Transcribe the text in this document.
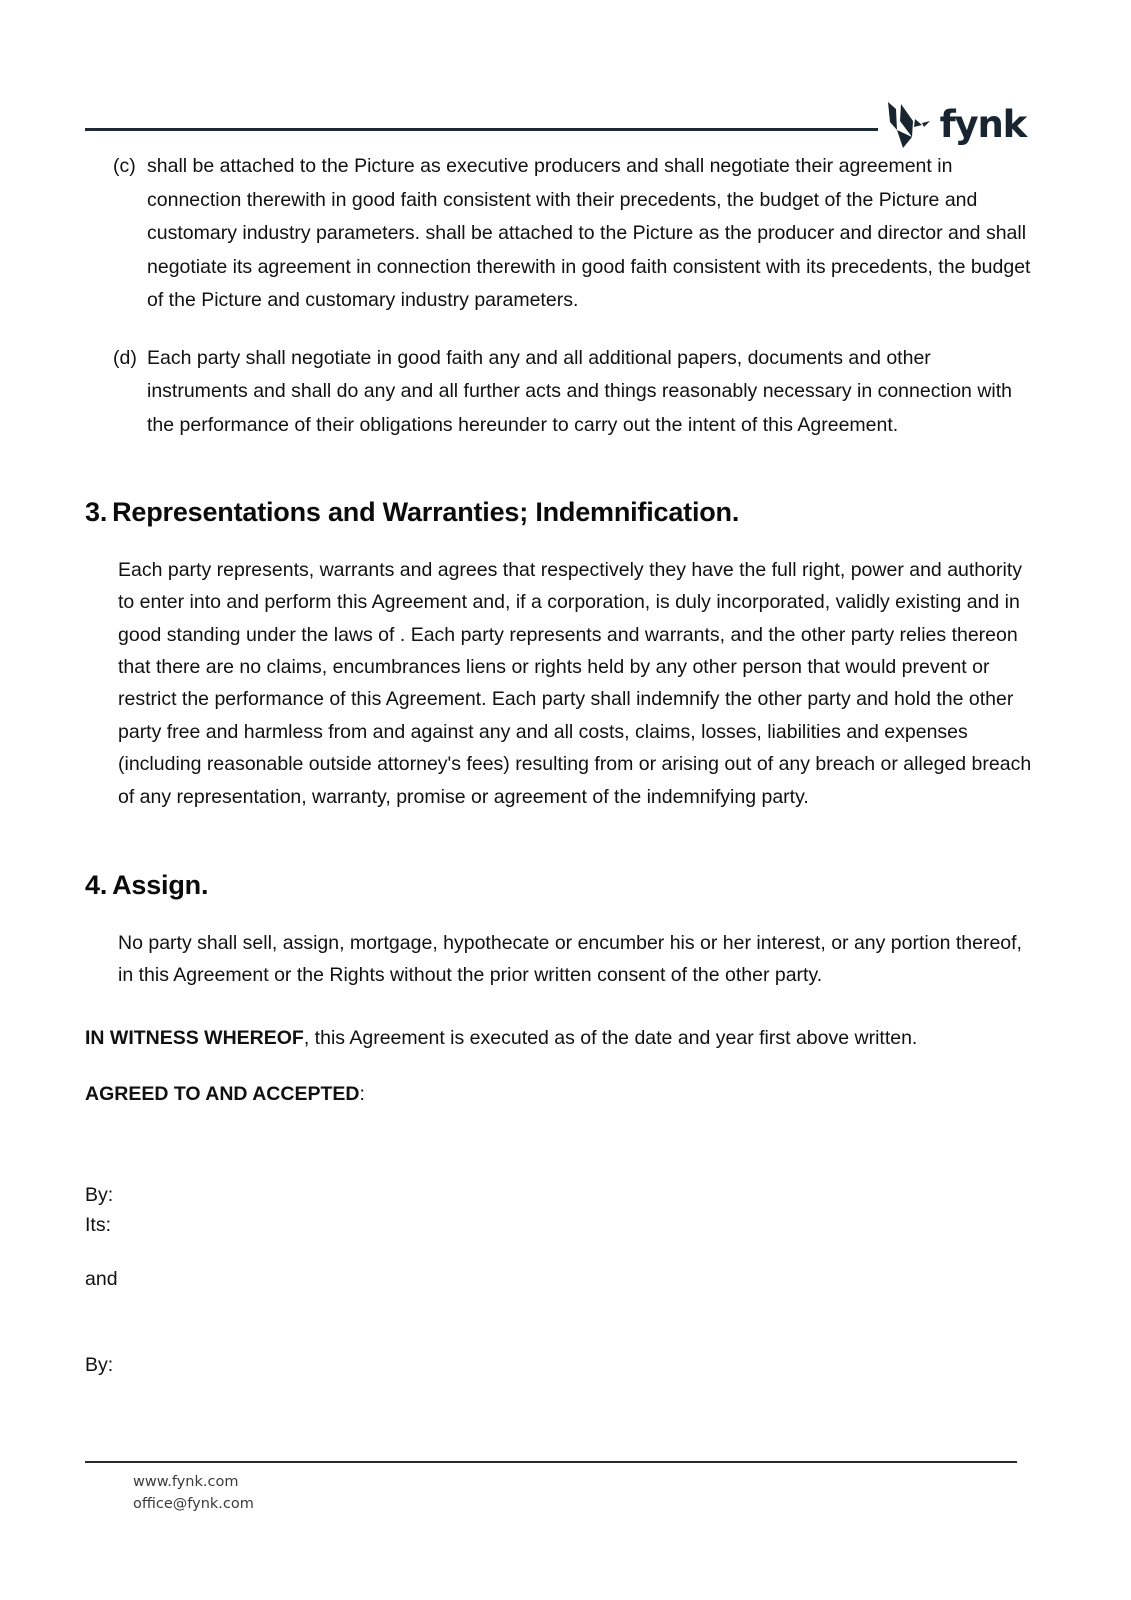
fynk
(c) shall be attached to the Picture as executive producers and shall negotiate their agreement in connection therewith in good faith consistent with their precedents, the budget of the Picture and customary industry parameters. shall be attached to the Picture as the producer and director and shall negotiate its agreement in connection therewith in good faith consistent with its precedents, the budget of the Picture and customary industry parameters.
(d) Each party shall negotiate in good faith any and all additional papers, documents and other instruments and shall do any and all further acts and things reasonably necessary in connection with the performance of their obligations hereunder to carry out the intent of this Agreement.
3. Representations and Warranties; Indemnification.
Each party represents, warrants and agrees that respectively they have the full right, power and authority to enter into and perform this Agreement and, if a corporation, is duly incorporated, validly existing and in good standing under the laws of . Each party represents and warrants, and the other party relies thereon that there are no claims, encumbrances liens or rights held by any other person that would prevent or restrict the performance of this Agreement. Each party shall indemnify the other party and hold the other party free and harmless from and against any and all costs, claims, losses, liabilities and expenses (including reasonable outside attorney's fees) resulting from or arising out of any breach or alleged breach of any representation, warranty, promise or agreement of the indemnifying party.
4. Assign.
No party shall sell, assign, mortgage, hypothecate or encumber his or her interest, or any portion thereof, in this Agreement or the Rights without the prior written consent of the other party.
IN WITNESS WHEREOF, this Agreement is executed as of the date and year first above written.
AGREED TO AND ACCEPTED:
By:
Its:
and
By:
www.fynk.com
office@fynk.com
